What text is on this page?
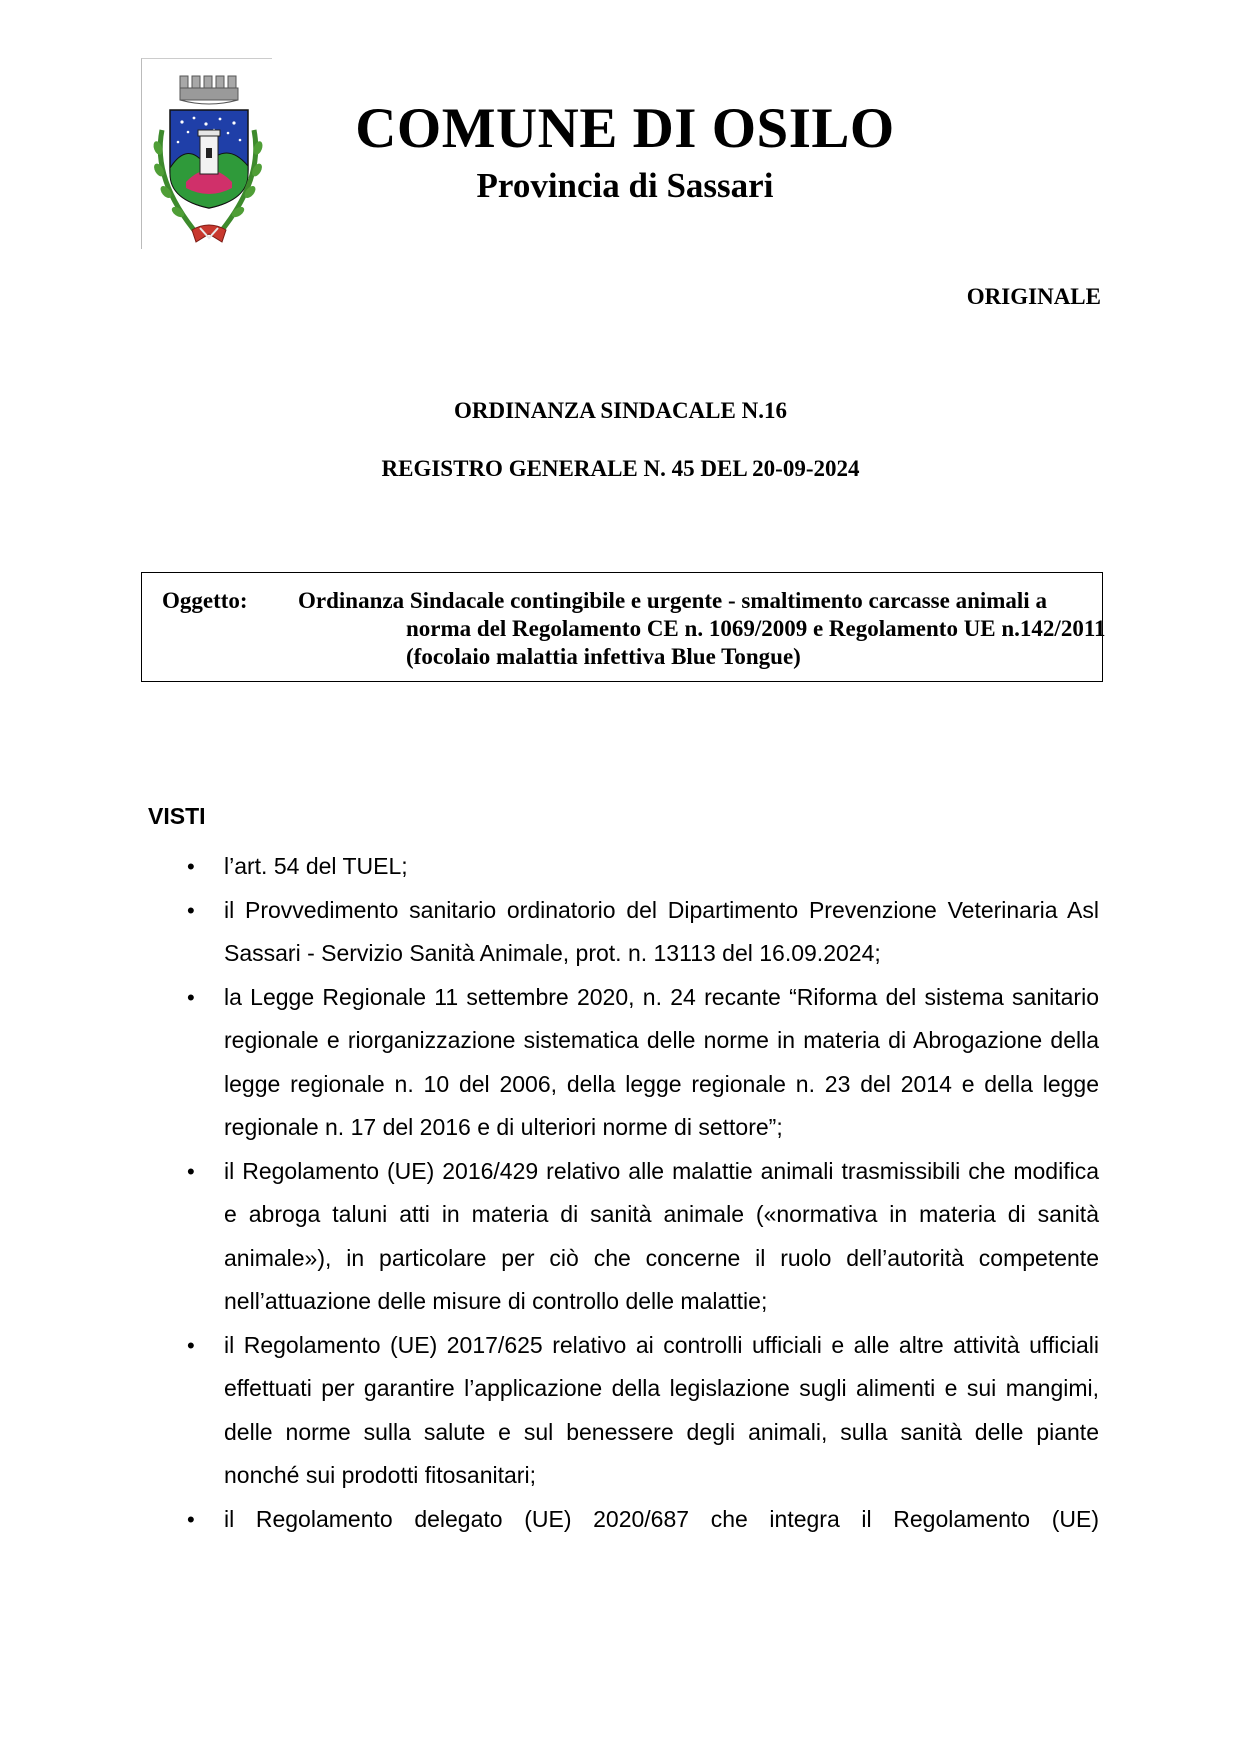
COMUNE DI OSILO
Provincia di Sassari
ORIGINALE
ORDINANZA SINDACALE N.16
REGISTRO GENERALE N. 45 DEL 20-09-2024
Oggetto: Ordinanza Sindacale contingibile e urgente - smaltimento carcasse animali a
norma del Regolamento CE n. 1069/2009 e Regolamento UE n.142/2011
(focolaio malattia infettiva Blue Tongue)
VISTI
• l’art. 54 del TUEL;
• il Provvedimento sanitario ordinatorio del Dipartimento Prevenzione Veterinaria Asl Sassari - Servizio Sanità Animale, prot. n. 13113 del 16.09.2024;
• la Legge Regionale 11 settembre 2020, n. 24 recante “Riforma del sistema sanitario regionale e riorganizzazione sistematica delle norme in materia di Abrogazione della legge regionale n. 10 del 2006, della legge regionale n. 23 del 2014 e della legge regionale n. 17 del 2016 e di ulteriori norme di settore”;
• il Regolamento (UE) 2016/429 relativo alle malattie animali trasmissibili che modifica e abroga taluni atti in materia di sanità animale («normativa in materia di sanità animale»), in particolare per ciò che concerne il ruolo dell’autorità competente nell’attuazione delle misure di controllo delle malattie;
• il Regolamento (UE) 2017/625 relativo ai controlli ufficiali e alle altre attività ufficiali effettuati per garantire l’applicazione della legislazione sugli alimenti e sui mangimi, delle norme sulla salute e sul benessere degli animali, sulla sanità delle piante nonché sui prodotti fitosanitari;
• il Regolamento delegato (UE) 2020/687 che integra il Regolamento (UE)
